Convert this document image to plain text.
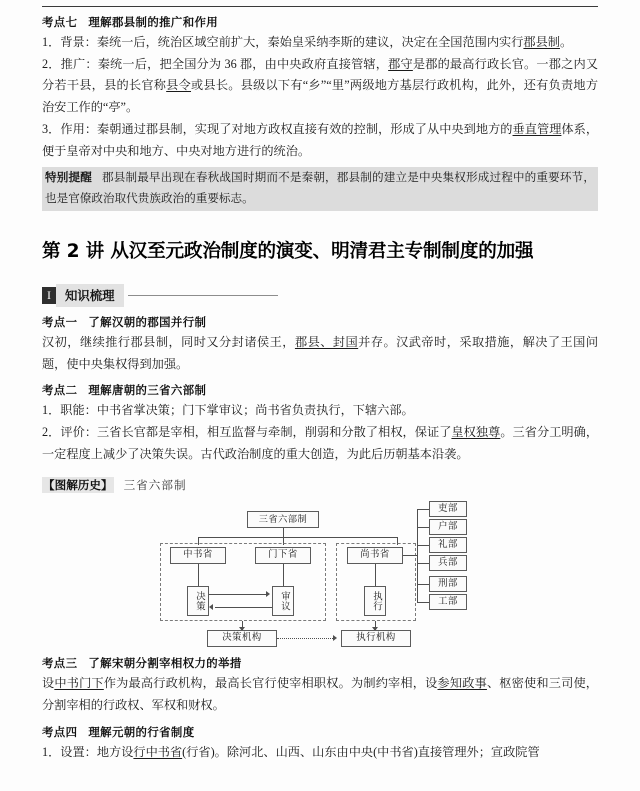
考点七 理解郡县制的推广和作用

1．背景：秦统一后，统治区域空前扩大，秦始皇采纳李斯的建议，决定在全国范围内实行郡县制。

2．推广：秦统一后，把全国分为 36 郡，由中央政府直接管辖，郡守是郡的最高行政长官。一郡之内又分若干县，县的长官称县令或县长。县级以下有“乡”“里”两级地方基层行政机构，此外，还有负责地方治安工作的“亭”。

3．作用：秦朝通过郡县制，实现了对地方政权直接有效的控制，形成了从中央到地方的垂直管理体系，便于皇帝对中央和地方、中央对地方进行的统治。

特别提醒 郡县制最早出现在春秋战国时期而不是秦朝，郡县制的建立是中央集权形成过程中的重要环节，也是官僚政治取代贵族政治的重要标志。
第 2 讲 从汉至元政治制度的演变、明清君主专制制度的加强
I	知识梳理
考点一 了解汉朝的郡国并行制

汉初，继续推行郡县制，同时又分封诸侯王，郡县、封国并存。汉武帝时，采取措施，解决了王国问题，使中央集权得到加强。

考点二 理解唐朝的三省六部制

1．职能：中书省掌决策；门下掌审议；尚书省负责执行，下辖六部。

2．评价：三省长官都是宰相，相互监督与牵制，削弱和分散了相权，保证了皇权独尊。三省分工明确，一定程度上减少了决策失误。古代政治制度的重大创造，为此后历朝基本沿袭。

【图解历史】 三省六部制
三省六部制
中书省	门下省	尚书省
决策	审议	执行
吏部
户部
礼部
兵部
刑部
工部
决策机构	执行机构
考点三 了解宋朝分割宰相权力的举措

设中书门下作为最高行政机构，最高长官行使宰相职权。为制约宰相，设参知政事、枢密使和三司使，分割宰相的行政权、军权和财权。

考点四 理解元朝的行省制度

1．设置：地方设行中书省(行省)。除河北、山西、山东由中央(中书省)直接管理外；宣政院管
